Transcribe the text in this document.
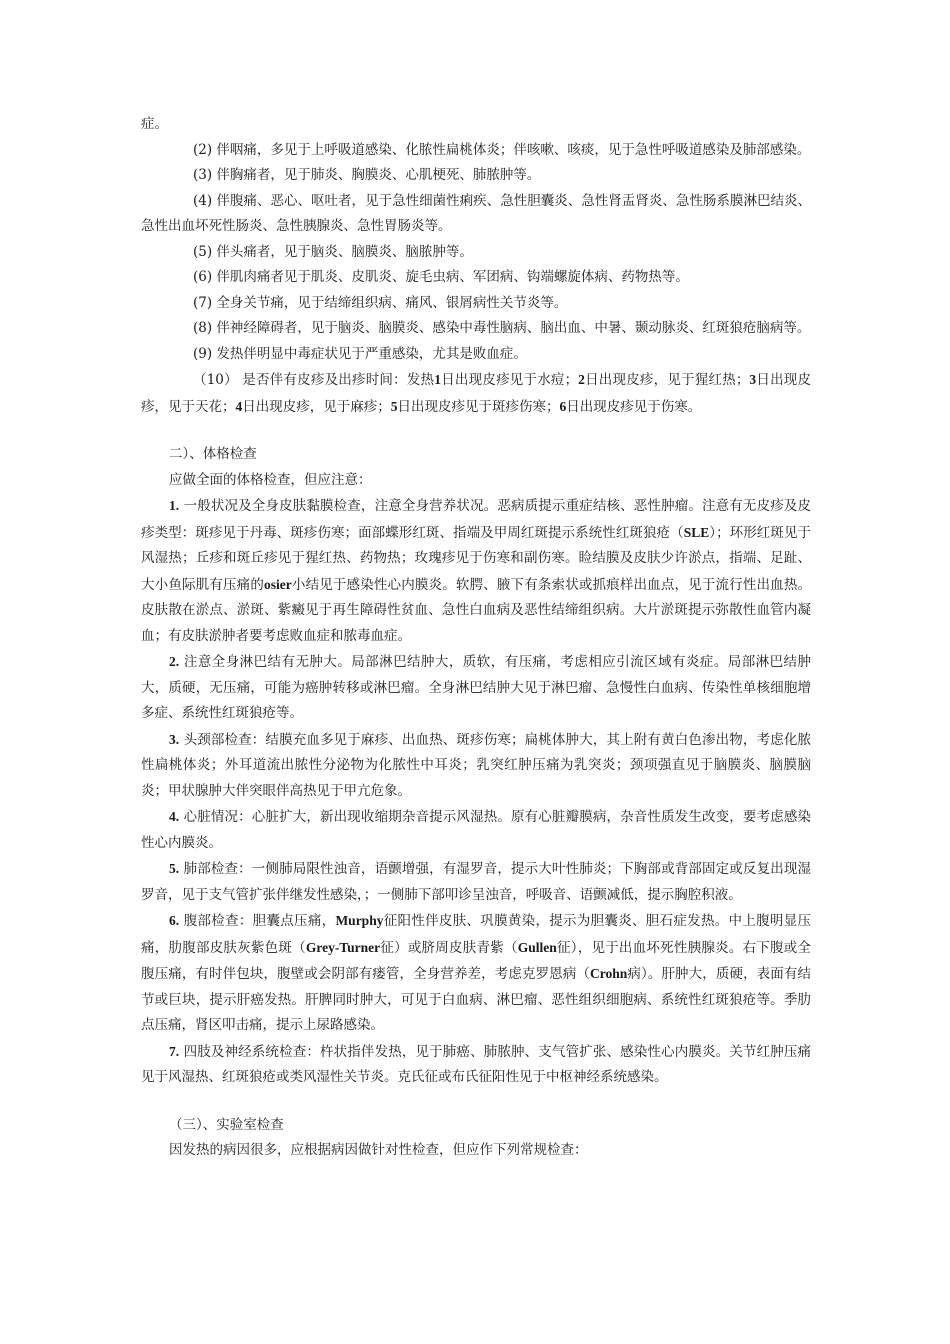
症。

(2) 伴咽痛，多见于上呼吸道感染、化脓性扁桃体炎；伴咳嗽、咳痰，见于急性呼吸道感染及肺部感染。

(3) 伴胸痛者，见于肺炎、胸膜炎、心肌梗死、肺脓肿等。

(4) 伴腹痛、恶心、呕吐者，见于急性细菌性痢疾、急性胆囊炎、急性肾盂肾炎、急性肠系膜淋巴结炎、急性出血坏死性肠炎、急性胰腺炎、急性胃肠炎等。

(5) 伴头痛者，见于脑炎、脑膜炎、脑脓肿等。

(6) 伴肌肉痛者见于肌炎、皮肌炎、旋毛虫病、军团病、钩端螺旋体病、药物热等。

(7) 全身关节痛，见于结缔组织病、痛风、银屑病性关节炎等。

(8) 伴神经障碍者，见于脑炎、脑膜炎、感染中毒性脑病、脑出血、中暑、颞动脉炎、红斑狼疮脑病等。

(9) 发热伴明显中毒症状见于严重感染，尤其是败血症。

（10） 是否伴有皮疹及出疹时间：发热1日出现皮疹见于水痘；2日出现皮疹，见于猩红热；3日出现皮疹，见于天花；4日出现皮疹，见于麻疹；5日出现皮疹见于斑疹伤寒；6日出现皮疹见于伤寒。

二）、体格检查

应做全面的体格检查，但应注意：

1. 一般状况及全身皮肤黏膜检查，注意全身营养状况。恶病质提示重症结核、恶性肿瘤。注意有无皮疹及皮疹类型：斑疹见于丹毒、斑疹伤寒；面部蝶形红斑、指端及甲周红斑提示系统性红斑狼疮（SLE）；环形红斑见于风湿热；丘疹和斑丘疹见于猩红热、药物热；玫瑰疹见于伤寒和副伤寒。睑结膜及皮肤少许淤点，指端、足趾、大小鱼际肌有压痛的osier小结见于感染性心内膜炎。软腭、腋下有条索状或抓痕样出血点，见于流行性出血热。皮肤散在淤点、淤斑、紫癜见于再生障碍性贫血、急性白血病及恶性结缔组织病。大片淤斑提示弥散性血管内凝血；有皮肤淤肿者要考虑败血症和脓毒血症。

2. 注意全身淋巴结有无肿大。局部淋巴结肿大，质软，有压痛，考虑相应引流区域有炎症。局部淋巴结肿大，质硬，无压痛，可能为癌肿转移或淋巴瘤。全身淋巴结肿大见于淋巴瘤、急慢性白血病、传染性单核细胞增多症、系统性红斑狼疮等。

3. 头颈部检查：结膜充血多见于麻疹、出血热、斑疹伤寒；扁桃体肿大，其上附有黄白色渗出物，考虑化脓性扁桃体炎；外耳道流出脓性分泌物为化脓性中耳炎；乳突红肿压痛为乳突炎；颈项强直见于脑膜炎、脑膜脑炎；甲状腺肿大伴突眼伴高热见于甲亢危象。

4. 心脏情况：心脏扩大，新出现收缩期杂音提示风湿热。原有心脏瓣膜病，杂音性质发生改变，要考虑感染性心内膜炎。

5. 肺部检查：一侧肺局限性浊音，语颤增强，有湿罗音，提示大叶性肺炎；下胸部或背部固定或反复出现湿罗音，见于支气管扩张伴继发性感染，；一侧肺下部叩诊呈浊音，呼吸音、语颤减低，提示胸腔积液。

6. 腹部检查：胆囊点压痛，Murphy征阳性伴皮肤、巩膜黄染，提示为胆囊炎、胆石症发热。中上腹明显压痛，肋腹部皮肤灰紫色斑（Grey-Turner征）或脐周皮肤青紫（Gullen征），见于出血坏死性胰腺炎。右下腹或全腹压痛，有时伴包块，腹壁或会阴部有瘘管，全身营养差，考虑克罗恩病（Crohn病）。肝肿大，质硬，表面有结节或巨块，提示肝癌发热。肝脾同时肿大，可见于白血病、淋巴瘤、恶性组织细胞病、系统性红斑狼疮等。季肋点压痛，肾区叩击痛，提示上尿路感染。

7. 四肢及神经系统检查：杵状指伴发热，见于肺癌、肺脓肿、支气管扩张、感染性心内膜炎。关节红肿压痛见于风湿热、红斑狼疮或类风湿性关节炎。克氏征或布氏征阳性见于中枢神经系统感染。

（三）、实验室检查

因发热的病因很多，应根据病因做针对性检查，但应作下列常规检查：
